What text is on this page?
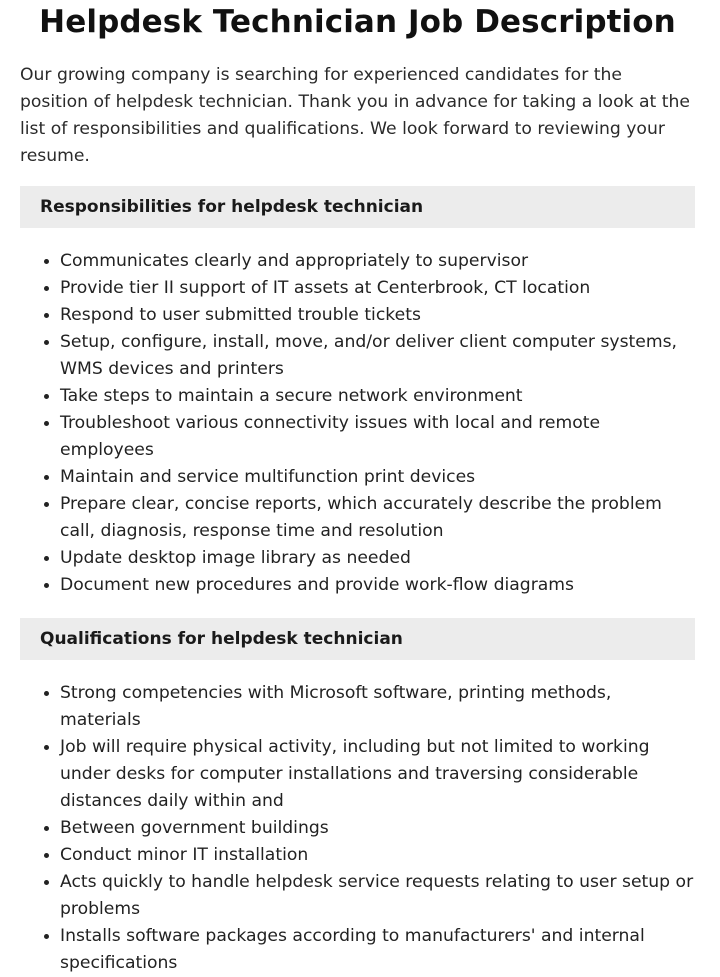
Helpdesk Technician Job Description

Our growing company is searching for experienced candidates for the position of helpdesk technician. Thank you in advance for taking a look at the list of responsibilities and qualifications. We look forward to reviewing your resume.

Responsibilities for helpdesk technician
• Communicates clearly and appropriately to supervisor
• Provide tier II support of IT assets at Centerbrook, CT location
• Respond to user submitted trouble tickets
• Setup, configure, install, move, and/or deliver client computer systems, WMS devices and printers
• Take steps to maintain a secure network environment
• Troubleshoot various connectivity issues with local and remote employees
• Maintain and service multifunction print devices
• Prepare clear, concise reports, which accurately describe the problem call, diagnosis, response time and resolution
• Update desktop image library as needed
• Document new procedures and provide work-flow diagrams
Qualifications for helpdesk technician
• Strong competencies with Microsoft software, printing methods, materials
• Job will require physical activity, including but not limited to working under desks for computer installations and traversing considerable distances daily within and
• Between government buildings
• Conduct minor IT installation
• Acts quickly to handle helpdesk service requests relating to user setup or problems
• Installs software packages according to manufacturers' and internal specifications
